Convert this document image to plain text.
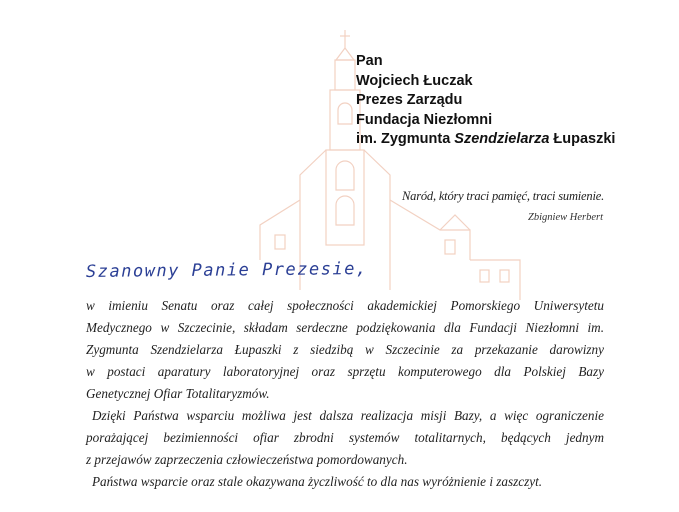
Pan
Wojciech Łuczak
Prezes Zarządu
Fundacja Niezłomni
im. Zygmunta Szendzielarza Łupaszki
Naród, który traci pamięć, traci sumienie.
Zbigniew Herbert
Szanowny Panie Prezesie,

w imieniu Senatu oraz całej społeczności akademickiej Pomorskiego Uniwersytetu
Medycznego w Szczecinie, składam serdeczne podziękowania dla Fundacji Niezłomni im.
Zygmunta Szendzielarza Łupaszki z siedzibą w Szczecinie za przekazanie darowizny
w postaci aparatury laboratoryjnej oraz sprzętu komputerowego dla Polskiej Bazy
Genetycznej Ofiar Totalitaryzmów.

Dzięki Państwa wsparciu możliwa jest dalsza realizacja misji Bazy, a więc ograniczenie
porażającej bezimienności ofiar zbrodni systemów totalitarnych, będących jednym
z przejawów zaprzeczenia człowieczeństwa pomordowanych.

Państwa wsparcie oraz stale okazywana życzliwość to dla nas wyróżnienie i zaszczyt.
